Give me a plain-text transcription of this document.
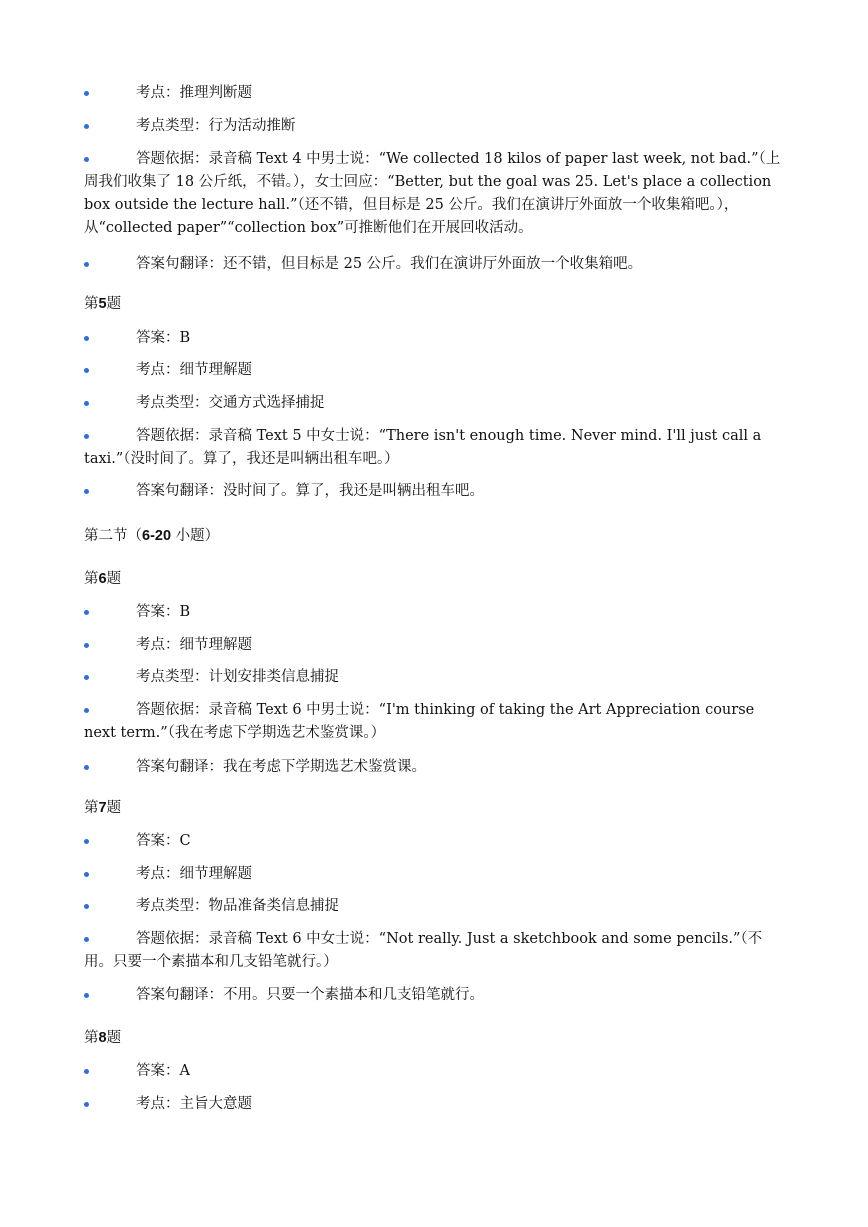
考点：推理判断题
考点类型：行为活动推断
答题依据：录音稿 Text 4 中男士说：“We collected 18 kilos of paper last week, not bad.”（上周我们收集了 18 公斤纸，不错。），女士回应：“Better, but the goal was 25. Let's place a collection box outside the lecture hall.”（还不错，但目标是 25 公斤。我们在演讲厅外面放一个收集箱吧。），从“collected paper”“collection box”可推断他们在开展回收活动。
答案句翻译：还不错，但目标是 25 公斤。我们在演讲厅外面放一个收集箱吧。
第5题
答案：B
考点：细节理解题
考点类型：交通方式选择捕捉
答题依据：录音稿 Text 5 中女士说：“There isn't enough time. Never mind. I'll just call a taxi.”（没时间了。算了，我还是叫辆出租车吧。）
答案句翻译：没时间了。算了，我还是叫辆出租车吧。
第二节（6-20 小题）
第6题
答案：B
考点：细节理解题
考点类型：计划安排类信息捕捉
答题依据：录音稿 Text 6 中男士说：“I'm thinking of taking the Art Appreciation course next term.”（我在考虑下学期选艺术鉴赏课。）
答案句翻译：我在考虑下学期选艺术鉴赏课。
第7题
答案：C
考点：细节理解题
考点类型：物品准备类信息捕捉
答题依据：录音稿 Text 6 中女士说：“Not really. Just a sketchbook and some pencils.”（不用。只要一个素描本和几支铅笔就行。）
答案句翻译：不用。只要一个素描本和几支铅笔就行。
第8题
答案：A
考点：主旨大意题
